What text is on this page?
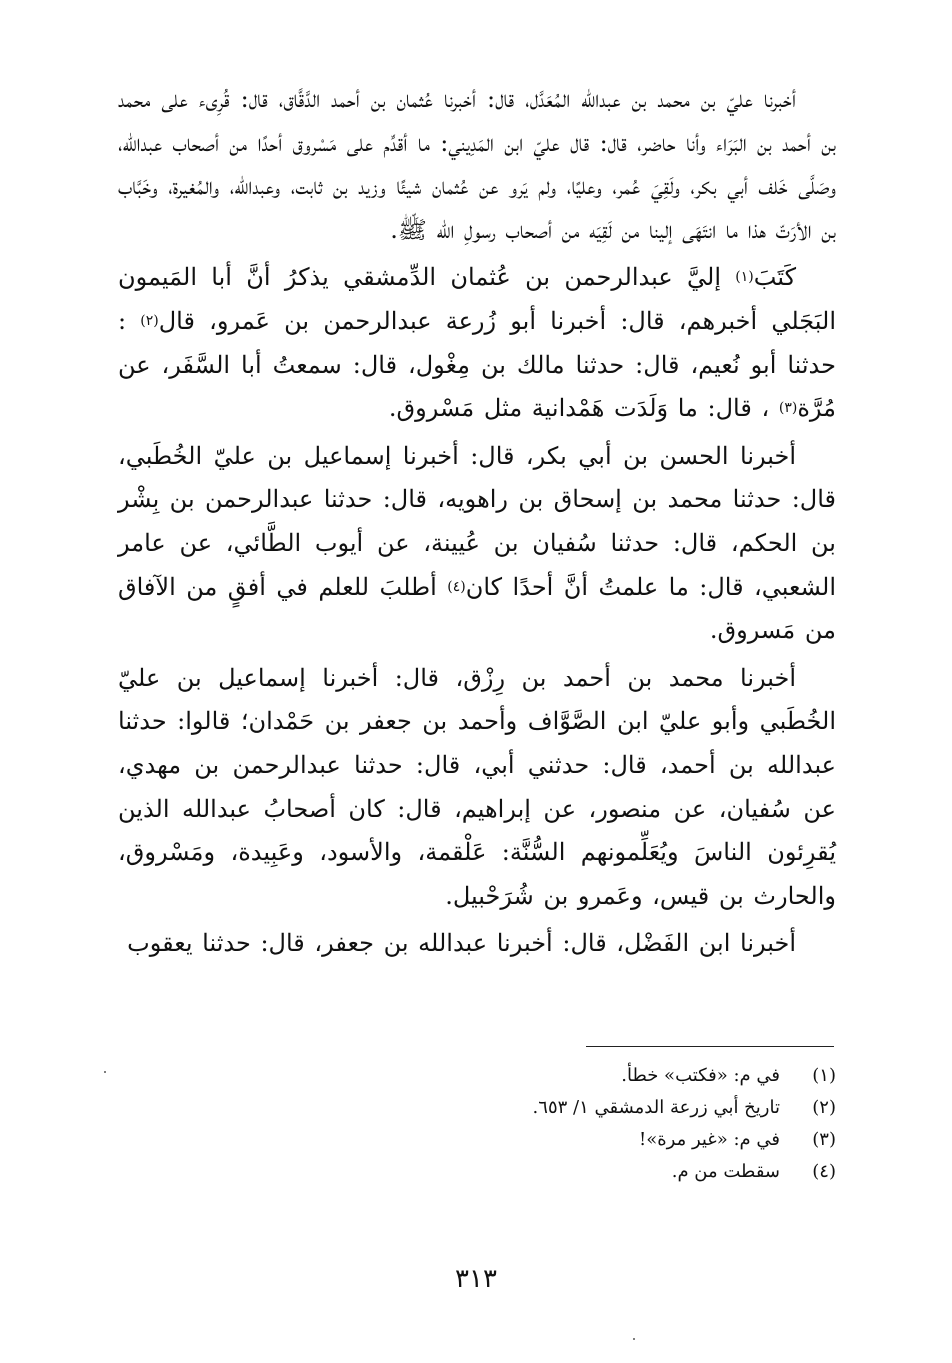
أخبرنا عليّ بن محمد بن عبدالله المُعَدَّل، قال: أخبرنا عُثمان بن أحمد الدَّقَّاق، قال: قُرِىء على محمد بن أحمد بن البَرَاء وأنا حاضر، قال: قال عليّ ابن المَدِيني: ما أقدِّم على مَسْروق أحدًا من أصحاب عبدالله، وصَلَّى خَلف أبي بكر، ولَقِيَ عُمر، وعليًا، ولم يَرو عن عُثمان شيئًا وزيد بن ثابت، وعبدالله، والمُغيرة، وخَبَّاب بن الأرَتّ هذا ما انتَهَى إلينا من لَقِيَه من أصحاب رسولِ الله ﷺ.

كَتَبَ$^{(١)}$ إليَّ عبدالرحمن بن عُثمان الدِّمشقي يذكرُ أنَّ أبا المَيمون البَجَلي أخبرهم، قال: أخبرنا أبو زُرعة عبدالرحمن بن عَمرو، قال$^{(٢)}$ : حدثنا أبو نُعيم، قال: حدثنا مالك بن مِغْول، قال: سمعتُ أبا السَّفَر، عن مُرَّة$^{(٣)}$ ، قال: ما وَلَدَت هَمْدانية مثل مَسْروق.

أخبرنا الحسن بن أبي بكر، قال: أخبرنا إسماعيل بن عليّ الخُطَبي، قال: حدثنا محمد بن إسحاق بن راهويه، قال: حدثنا عبدالرحمن بن بِشْر بن الحكم، قال: حدثنا سُفيان بن عُيينة، عن أيوب الطَّائي، عن عامر الشعبي، قال: ما علمتُ أنَّ أحدًا كان$^{(٤)}$ أطلبَ للعلم في أفقٍ من الآفاق من مَسروق.

أخبرنا محمد بن أحمد بن رِزْق، قال: أخبرنا إسماعيل بن عليّ الخُطَبي وأبو عليّ ابن الصَّوَّاف وأحمد بن جعفر بن حَمْدان؛ قالوا: حدثنا عبدالله بن أحمد، قال: حدثني أبي، قال: حدثنا عبدالرحمن بن مهدي، عن سُفيان، عن منصور، عن إبراهيم، قال: كان أصحابُ عبدالله الذين يُقرِئون الناسَ ويُعَلِّمونهم السُّنَّة: عَلْقمة، والأسود، وعَبِيدة، ومَسْروق، والحارث بن قيس، وعَمرو بن شُرَحْبيل.

أخبرنا ابن الفَضْل، قال: أخبرنا عبدالله بن جعفر، قال: حدثنا يعقوب

(١)
في م: «فكتب» خطأ.
(٢)
تاريخ أبي زرعة الدمشقي ١/ ٦٥٣.
(٣)
في م: «غير مرة»!
(٤)
سقطت من م.
٣١٣
